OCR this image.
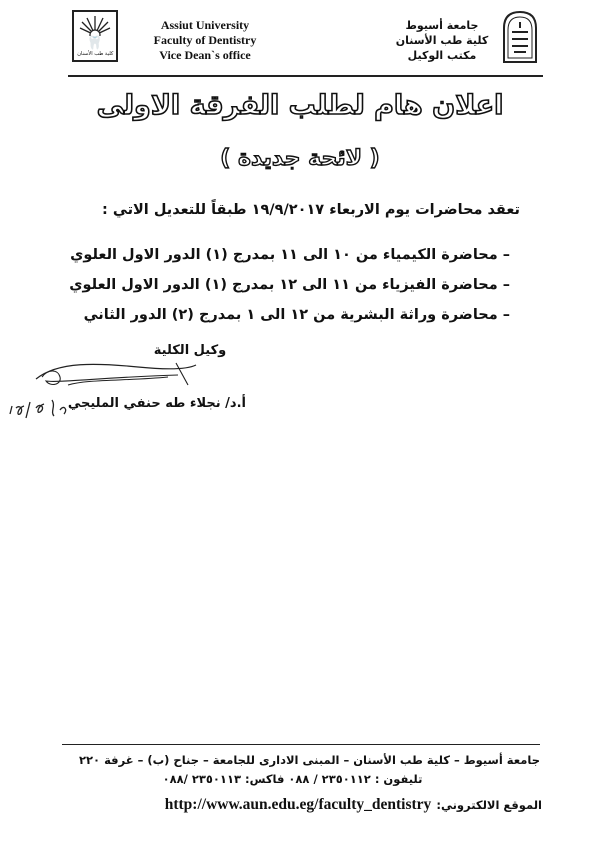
🦷
كلية طب الأسنان
Assiut University
Faculty of Dentistry
Vice Dean`s office
جامعة أسيوط
كلية طب الأسنان
مكتب الوكيل
اعلان هام لطلب الفرقة الاولى
( لائحة جديدة )
تعقد محاضرات يوم الاربعاء ١٩/٩/٢٠١٧ طبقاً للتعديل الاتي :
– محاضرة الكيمياء من ١٠ الى ١١ بمدرج (١) الدور الاول العلوي
– محاضرة الفيزياء من ١١ الى ١٢ بمدرج (١) الدور الاول العلوي
– محاضرة وراثة البشرية من ١٢ الى ١ بمدرج (٢) الدور الثاني
وكيل الكلية
أ.د/ نجلاء طه حنفي المليجي
جامعة أسيوط – كلية طب الأسنان – المبنى الادارى للجامعة – جناح (ب) – غرفة ٢٢٠
تليفون : ٢٣٥٠١١٢ / ٠٨٨ فاكس: ٢٣٥٠١١٣ /٠٨٨
الموقع الالكتروني: http://www.aun.edu.eg/faculty_dentistry
